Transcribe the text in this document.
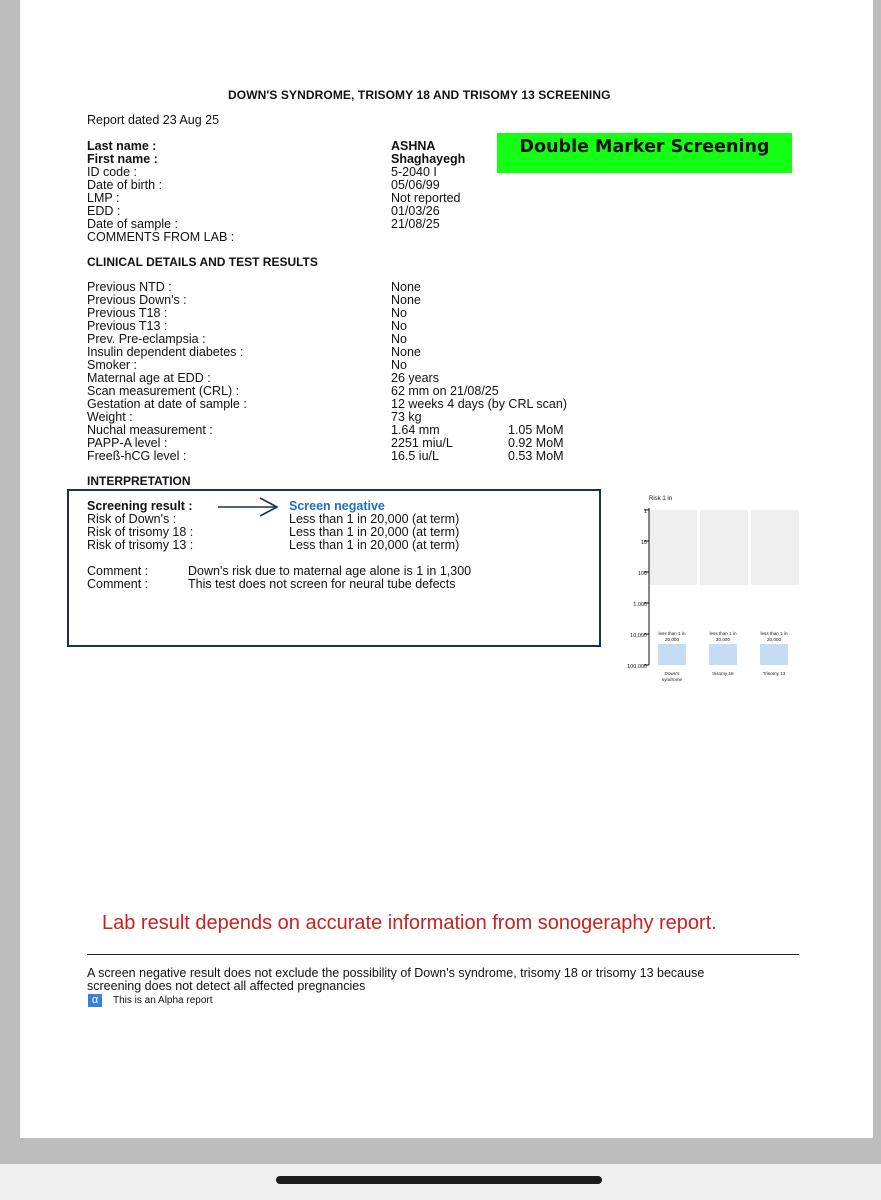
DOWN'S SYNDROME, TRISOMY 18 AND TRISOMY 13 SCREENING
Report dated 23 Aug 25
Last name :
First name :
ID code :
Date of birth :
LMP :
EDD :
Date of sample :
COMMENTS FROM LAB :
ASHNA
Shaghayegh
5-2040 I
05/06/99
Not reported
01/03/26
21/08/25
Double Marker Screening
CLINICAL DETAILS AND TEST RESULTS
Previous NTD :
Previous Down's :
Previous T18 :
Previous T13 :
Prev. Pre-eclampsia :
Insulin dependent diabetes :
Smoker :
Maternal age at EDD :
Scan measurement (CRL) :
Gestation at date of sample :
Weight :
Nuchal measurement :
PAPP-A level :
Freeß-hCG level :
None
None
No
No
No
None
No
26 years
62 mm on 21/08/25
12 weeks 4 days (by CRL scan)
73 kg
1.64 mm
2251 miu/L
16.5 iu/L
1.05 MoM
0.92 MoM
0.53 MoM
INTERPRETATION
Screening result :
Risk of Down's :
Risk of trisomy 18 :
Risk of trisomy 13 :
Screen negative
Less than 1 in 20,000 (at term)
Less than 1 in 20,000 (at term)
Less than 1 in 20,000 (at term)
Comment :
Comment :
Down's risk due to maternal age alone is 1 in 1,300
This test does not screen for neural tube defects
Risk 1 in
1
10
100
1,000
10,000
100,000
less than 1 in
20,000
less than 1 in
20,000
less than 1 in
20,000
Down's
syndrome
trisomy 18	Trisomy 13
Lab result depends on accurate information from sonogeraphy report.
A screen negative result does not exclude the possibility of Down's syndrome, trisomy 18 or trisomy 13 because
screening does not detect all affected pregnancies
α	This is an Alpha report
